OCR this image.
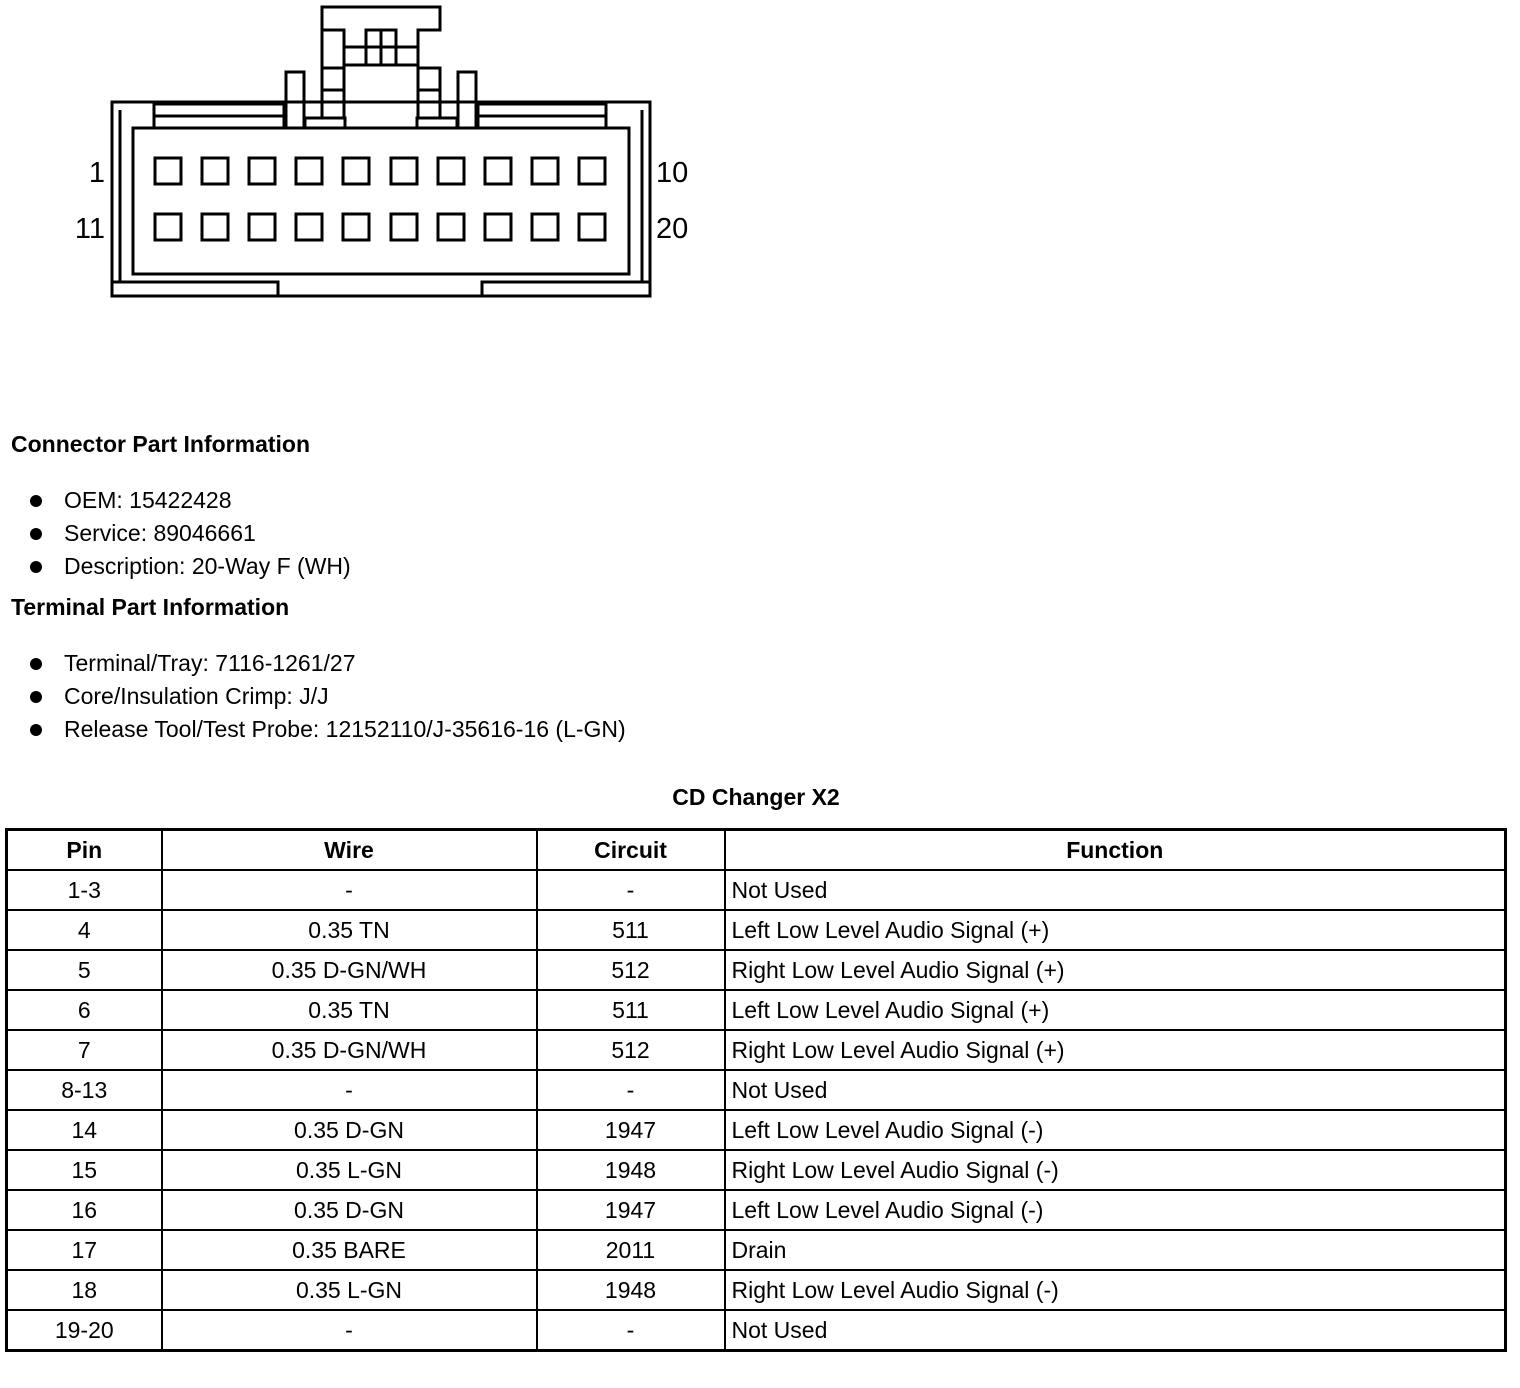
1	10
11	20
Connector Part Information
OEM: 15422428
Service: 89046661
Description: 20-Way F (WH)
Terminal Part Information
Terminal/Tray: 7116-1261/27
Core/Insulation Crimp: J/J
Release Tool/Test Probe: 12152110/J-35616-16 (L-GN)
CD Changer X2
Pin	Wire	Circuit	Function
1-3	-	-	Not Used
4	0.35 TN	511	Left Low Level Audio Signal (+)
5	0.35 D-GN/WH	512	Right Low Level Audio Signal (+)
6	0.35 TN	511	Left Low Level Audio Signal (+)
7	0.35 D-GN/WH	512	Right Low Level Audio Signal (+)
8-13	-	-	Not Used
14	0.35 D-GN	1947	Left Low Level Audio Signal (-)
15	0.35 L-GN	1948	Right Low Level Audio Signal (-)
16	0.35 D-GN	1947	Left Low Level Audio Signal (-)
17	0.35 BARE	2011	Drain
18	0.35 L-GN	1948	Right Low Level Audio Signal (-)
19-20	-	-	Not Used
